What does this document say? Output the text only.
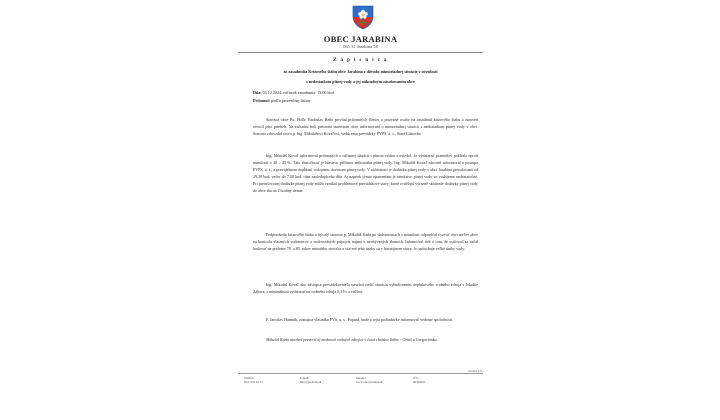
OBEC JARABINA
065 31 Jarabina 58
Z á p i s n i c a
zo zasadnutia Krízového štábu obce Jarabina z dôvodu mimoriadnej situácie v súvislosti
s nedostatkom pitnej vody a jej náhradným zásobovaním obce
Dňa: 03.12.2024, začiatok zasadnutia: 13.00 hod.
Prítomní: podľa prezenčnej listiny
Starosta obce Bc. PhDr. Radoslav Beňo privítal prítomných členov a prizvané osoby na zasadnutí krízového štábu a zároveň otvoril jeho priebeh. Na začiatku boli prítomní starostom obce informovaní o mimoriadnej situácii s nedostatkom pitnej vody v obci. Starosta odovzdal slovo p. Ing. Mikulášovi Kovaľovi, vedúcemu prevádzky PVPS, a. s., Stará Ľubovňa.
Ing. Mikuláš Kovaľ informoval prítomných o súčasnej situácii s pitnou vodou a uviedol, že výdatnosť prameňov poklesla oproti minulosti o 40 – 45 %. Táto skutočnosť je hlavnou príčinou nedostatku pitnej vody. Ing. Mikuláš Kovaľ zároveň informoval o postupe PVPS, a. s., a pravidelnom dopĺňaní vodojemu dovozom pitnej vody. V súčasnosti je dodávka pitnej vody v obci Jarabina prerušovaná od 19.30 hod. večer do 7.30 hod. rána nasledujúceho dňa. Aj napriek týmto opatreniam je množstvo pitnej vody vo vodojeme nedostatočné. Pri prerušovanej dodávke pitnej vody môžu vznikať problémové prevádzkové stavy, ktoré zväčšujú výrazné skrátenie dodávky pitnej vody do obce iba na 2 hodiny denne.
Podpredseda krízového štábu a bývalý starosta p. Mikuláš Kaňa po skúsenostiach z minulosti odporúčal vyzvať obyvateľov obce na kontrolu vlastných vodomerov a vodovodných prípojok najmä v neobývaných domoch. Informoval tiež o tom, že vodovod sa začal budovať na prelome 70. a 80. rokov minulého storočia a viaceré jeho úseky sú v havarijnom stave, čo spôsobuje veľké úniky vody.
Ing. Mikuláš Kovaľ ako zástupca prevádzkovateľa navrhol riešiť situáciu vybudovaním doplnkového vodného zdroja v lokalite Zábora, s minimálnou výdatnosťou vodného zdroja 0,3 l/s a väčšou.
P. Jaroslav Hamrák, zástupca vlastníka PVS, a. s., Poprad, bude o tejto požiadavke informovať vedenie spoločnosti.
Mikuláš Kaňa navrhol preveriť aj možnosti vodných zdrojov v častí chotára Vabec - Ortaš a Gregoriánka.
Strana 1/2
Telefón
052/ 433 63 13
E-mail
info@jarabina.sk
Internet
www.obecjarabina.sk
IČO
00329932
